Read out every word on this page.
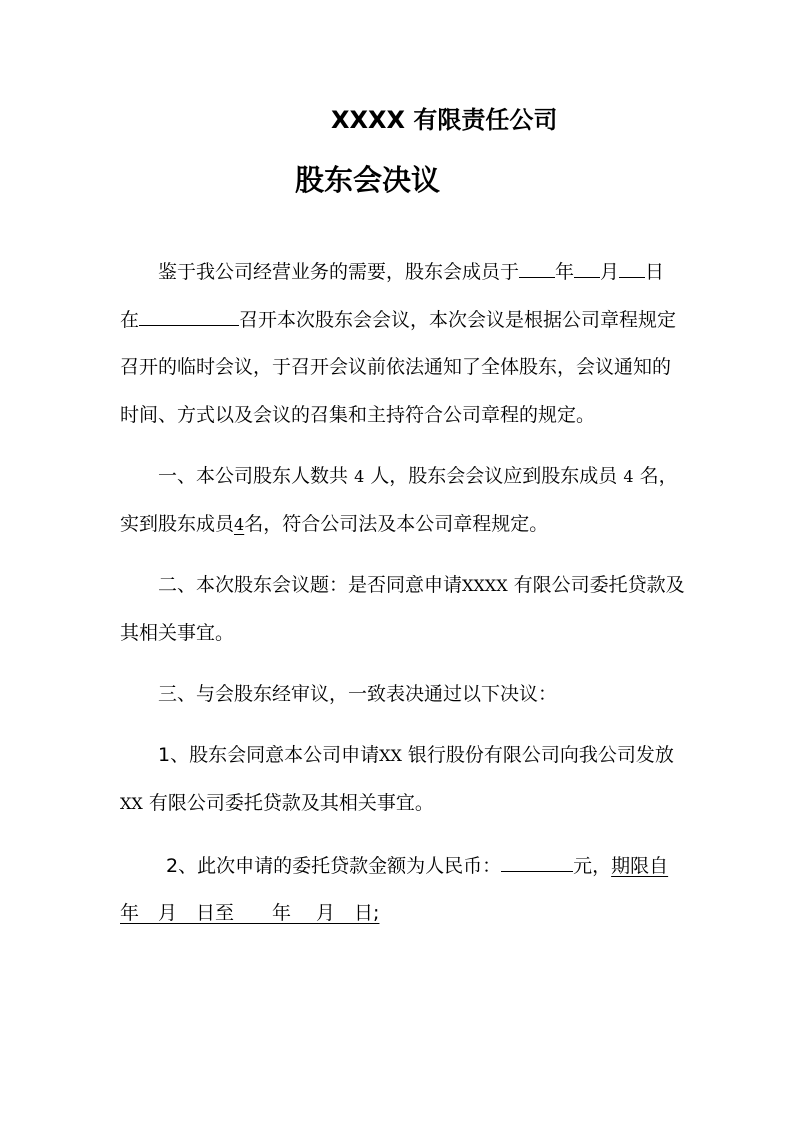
XXXX 有限责任公司
股东会决议
鉴于我公司经营业务的需要，股东会成员于 年 月 日
在	召开本次股东会会议，本次会议是根据公司章程规定
召开的临时会议，于召开会议前依法通知了全体股东，会议通知的
时间、方式以及会议的召集和主持符合公司章程的规定。
一、本公司股东人数共 4 人，股东会会议应到股东成员 4 名，
实到股东成员4名，符合公司法及本公司章程规定。
二、本次股东会议题：是否同意申请XXXX 有限公司委托贷款及
其相关事宜。
三、与会股东经审议，一致表决通过以下决议：
1、股东会同意本公司申请XX 银行股份有限公司向我公司发放
XX 有限公司委托贷款及其相关事宜。
2、此次申请的委托贷款金额为人民币：	元，期限自
年　月　日至　　年　 月　日;
